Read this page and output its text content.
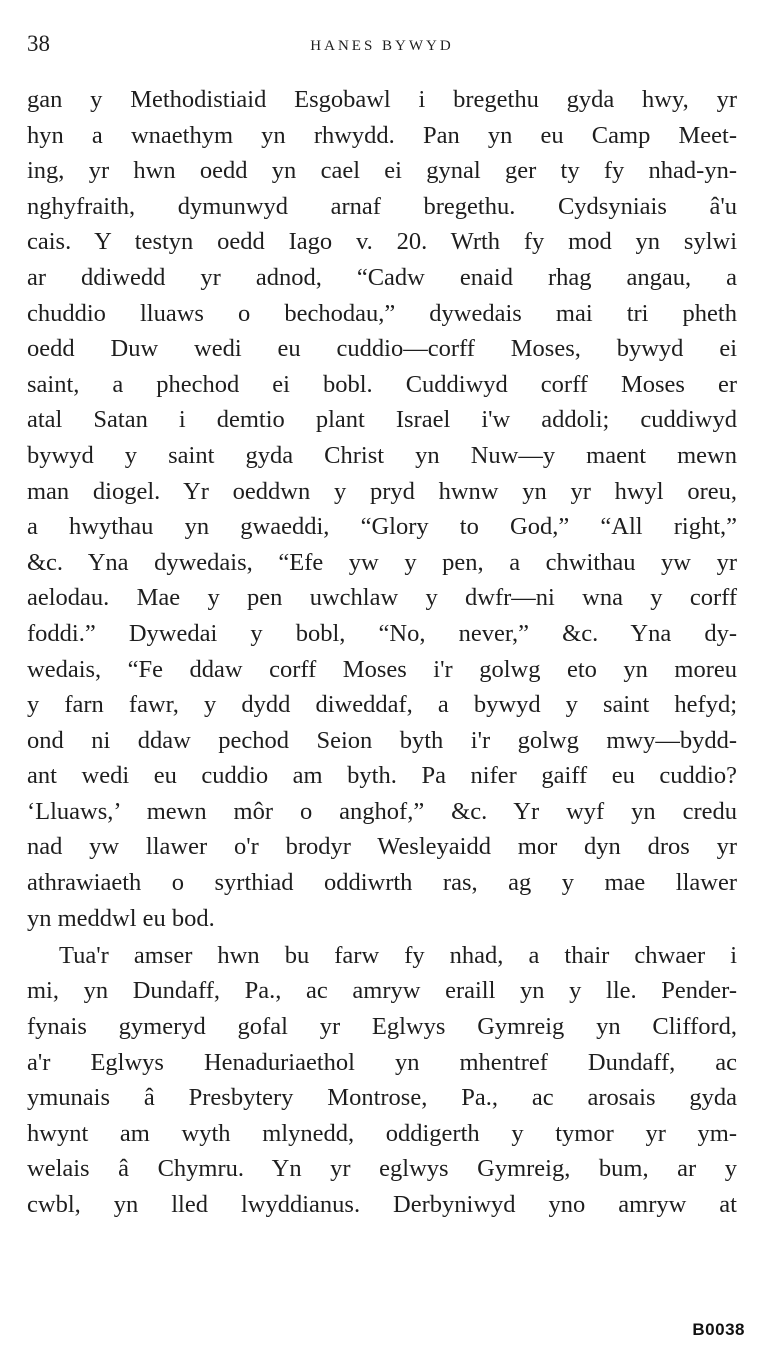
38	HANES BYWYD
gan y Methodistiaid Esgobawl i bregethu gyda hwy, yr
hyn a wnaethym yn rhwydd. Pan yn eu Camp Meet-
ing, yr hwn oedd yn cael ei gynal ger ty fy nhad-yn-
nghyfraith, dymunwyd arnaf bregethu. Cydsyniais â'u
cais. Y testyn oedd Iago v. 20. Wrth fy mod yn sylwi
ar ddiwedd yr adnod, “Cadw enaid rhag angau, a
chuddio lluaws o bechodau,” dywedais mai tri pheth
oedd Duw wedi eu cuddio—corff Moses, bywyd ei
saint, a phechod ei bobl. Cuddiwyd corff Moses er
atal Satan i demtio plant Israel i'w addoli; cuddiwyd
bywyd y saint gyda Christ yn Nuw—y maent mewn
man diogel. Yr oeddwn y pryd hwnw yn yr hwyl oreu,
a hwythau yn gwaeddi, “Glory to God,” “All right,”
&c. Yna dywedais, “Efe yw y pen, a chwithau yw yr
aelodau. Mae y pen uwchlaw y dwfr—ni wna y corff
foddi.” Dywedai y bobl, “No, never,” &c. Yna dy-
wedais, “Fe ddaw corff Moses i'r golwg eto yn moreu
y farn fawr, y dydd diweddaf, a bywyd y saint hefyd;
ond ni ddaw pechod Seion byth i'r golwg mwy—bydd-
ant wedi eu cuddio am byth. Pa nifer gaiff eu cuddio?
‘Lluaws,’ mewn môr o anghof,” &c. Yr wyf yn credu
nad yw llawer o'r brodyr Wesleyaidd mor dyn dros yr
athrawiaeth o syrthiad oddiwrth ras, ag y mae llawer
yn meddwl eu bod.
Tua'r amser hwn bu farw fy nhad, a thair chwaer i
mi, yn Dundaff, Pa., ac amryw eraill yn y lle. Pender-
fynais gymeryd gofal yr Eglwys Gymreig yn Clifford,
a'r Eglwys Henaduriaethol yn mhentref Dundaff, ac
ymunais â Presbytery Montrose, Pa., ac arosais gyda
hwynt am wyth mlynedd, oddigerth y tymor yr ym-
welais â Chymru. Yn yr eglwys Gymreig, bum, ar y
cwbl, yn lled lwyddianus. Derbyniwyd yno amryw at
B0038
